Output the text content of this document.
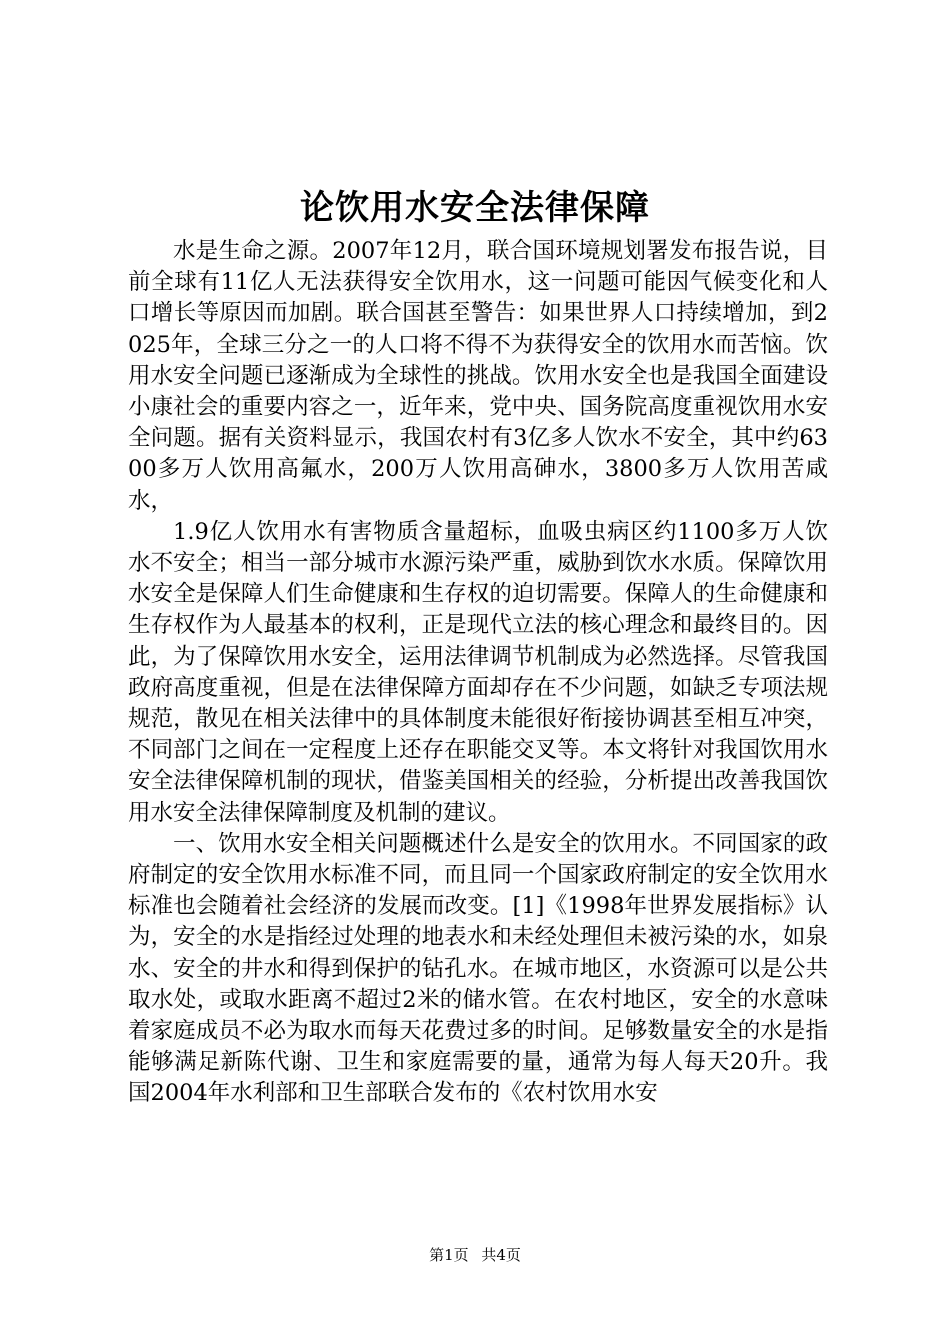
论饮用水安全法律保障

水是生命之源。2007年12月，联合国环境规划署发布报告说，目前全球有11亿人无法获得安全饮用水，这一问题可能因气候变化和人口增长等原因而加剧。联合国甚至警告：如果世界人口持续增加，到2025年，全球三分之一的人口将不得不为获得安全的饮用水而苦恼。饮用水安全问题已逐渐成为全球性的挑战。饮用水安全也是我国全面建设小康社会的重要内容之一，近年来，党中央、国务院高度重视饮用水安全问题。据有关资料显示，我国农村有3亿多人饮水不安全，其中约6300多万人饮用高氟水，200万人饮用高砷水，3800多万人饮用苦咸水，

1.9亿人饮用水有害物质含量超标，血吸虫病区约1100多万人饮水不安全；相当一部分城市水源污染严重，威胁到饮水水质。保障饮用水安全是保障人们生命健康和生存权的迫切需要。保障人的生命健康和生存权作为人最基本的权利，正是现代立法的核心理念和最终目的。因此，为了保障饮用水安全，运用法律调节机制成为必然选择。尽管我国政府高度重视，但是在法律保障方面却存在不少问题，如缺乏专项法规规范，散见在相关法律中的具体制度未能很好衔接协调甚至相互冲突，不同部门之间在一定程度上还存在职能交叉等。本文将针对我国饮用水安全法律保障机制的现状，借鉴美国相关的经验，分析提出改善我国饮用水安全法律保障制度及机制的建议。

一、饮用水安全相关问题概述什么是安全的饮用水。不同国家的政府制定的安全饮用水标准不同，而且同一个国家政府制定的安全饮用水标准也会随着社会经济的发展而改变。[1]《1998年世界发展指标》认为，安全的水是指经过处理的地表水和未经处理但未被污染的水，如泉水、安全的井水和得到保护的钻孔水。在城市地区，水资源可以是公共取水处，或取水距离不超过2米的储水管。在农村地区，安全的水意味着家庭成员不必为取水而每天花费过多的时间。足够数量安全的水是指能够满足新陈代谢、卫生和家庭需要的量，通常为每人每天20升。我国2004年水利部和卫生部联合发布的《农村饮用水安

第1页 共4页
